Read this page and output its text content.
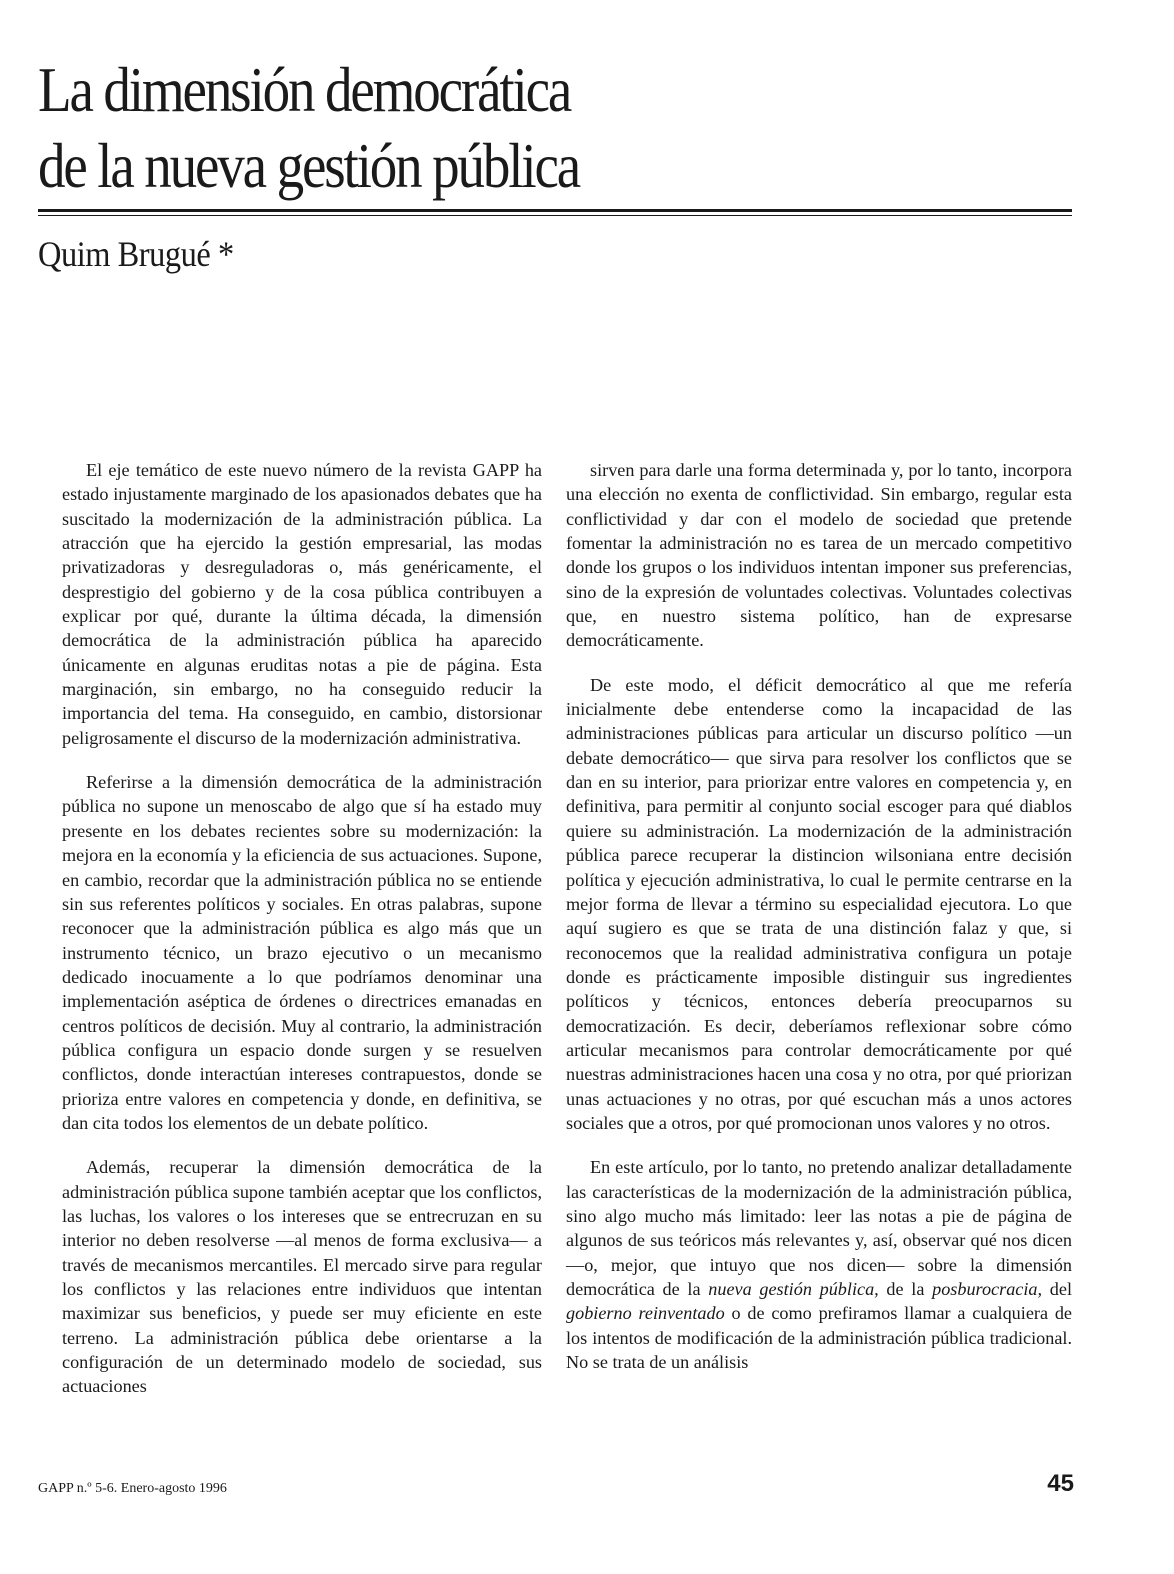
La dimensión democrática
de la nueva gestión pública
Quim Brugué *

El eje temático de este nuevo número de la revista GAPP ha estado injustamente marginado de los apasionados debates que ha suscitado la modernización de la administración pública. La atracción que ha ejercido la gestión empresarial, las modas privatizadoras y desreguladoras o, más genéricamente, el desprestigio del gobierno y de la cosa pública contribuyen a explicar por qué, durante la última década, la dimensión democrática de la administración pública ha aparecido únicamente en algunas eruditas notas a pie de página. Esta marginación, sin embargo, no ha conseguido reducir la importancia del tema. Ha conseguido, en cambio, distorsionar peligrosamente el discurso de la modernización administrativa.

Referirse a la dimensión democrática de la administración pública no supone un menoscabo de algo que sí ha estado muy presente en los debates recientes sobre su modernización: la mejora en la economía y la eficiencia de sus actuaciones. Supone, en cambio, recordar que la administración pública no se entiende sin sus referentes políticos y sociales. En otras palabras, supone reconocer que la administración pública es algo más que un instrumento técnico, un brazo ejecutivo o un mecanismo dedicado inocuamente a lo que podríamos denominar una implementación aséptica de órdenes o directrices emanadas en centros políticos de decisión. Muy al contrario, la administración pública configura un espacio donde surgen y se resuelven conflictos, donde interactúan intereses contrapuestos, donde se prioriza entre valores en competencia y donde, en definitiva, se dan cita todos los elementos de un debate político.

Además, recuperar la dimensión democrática de la administración pública supone también aceptar que los conflictos, las luchas, los valores o los intereses que se entrecruzan en su interior no deben resolverse —al menos de forma exclusiva— a través de mecanismos mercantiles. El mercado sirve para regular los conflictos y las relaciones entre individuos que intentan maximizar sus beneficios, y puede ser muy eficiente en este terreno. La administración pública debe orientarse a la configuración de un determinado modelo de sociedad, sus actuaciones

sirven para darle una forma determinada y, por lo tanto, incorpora una elección no exenta de conflictividad. Sin embargo, regular esta conflictividad y dar con el modelo de sociedad que pretende fomentar la administración no es tarea de un mercado competitivo donde los grupos o los individuos intentan imponer sus preferencias, sino de la expresión de voluntades colectivas. Voluntades colectivas que, en nuestro sistema político, han de expresarse democráticamente.

De este modo, el déficit democrático al que me refería inicialmente debe entenderse como la incapacidad de las administraciones públicas para articular un discurso político —un debate democrático— que sirva para resolver los conflictos que se dan en su interior, para priorizar entre valores en competencia y, en definitiva, para permitir al conjunto social escoger para qué diablos quiere su administración. La modernización de la administración pública parece recuperar la distincion wilsoniana entre decisión política y ejecución administrativa, lo cual le permite centrarse en la mejor forma de llevar a término su especialidad ejecutora. Lo que aquí sugiero es que se trata de una distinción falaz y que, si reconocemos que la realidad administrativa configura un potaje donde es prácticamente imposible distinguir sus ingredientes políticos y técnicos, entonces debería preocuparnos su democratización. Es decir, deberíamos reflexionar sobre cómo articular mecanismos para controlar democráticamente por qué nuestras administraciones hacen una cosa y no otra, por qué priorizan unas actuaciones y no otras, por qué escuchan más a unos actores sociales que a otros, por qué promocionan unos valores y no otros.

En este artículo, por lo tanto, no pretendo analizar detalladamente las características de la modernización de la administración pública, sino algo mucho más limitado: leer las notas a pie de página de algunos de sus teóricos más relevantes y, así, observar qué nos dicen —o, mejor, que intuyo que nos dicen— sobre la dimensión democrática de la nueva gestión pública, de la posburocracia, del gobierno reinventado o de como prefiramos llamar a cualquiera de los intentos de modificación de la administración pública tradicional. No se trata de un análisis

GAPP n.º 5-6. Enero-agosto 1996	45
